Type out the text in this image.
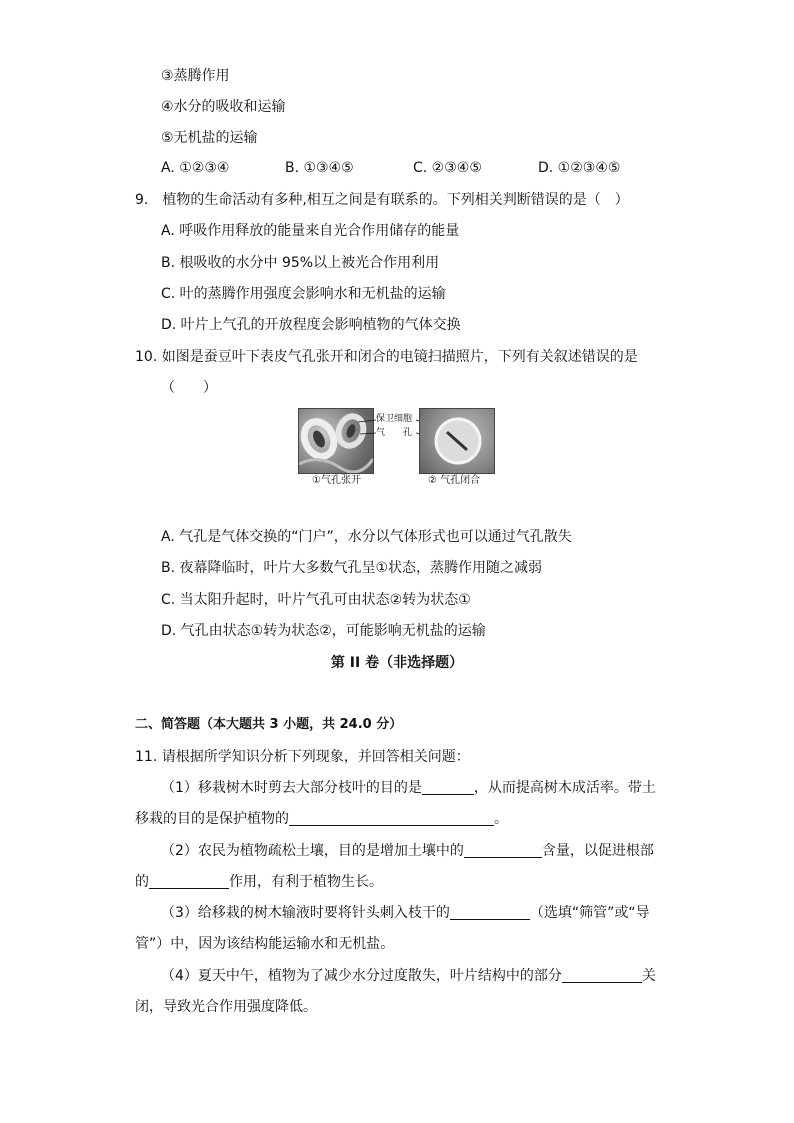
③蒸腾作用
④水分的吸收和运输
⑤无机盐的运输
A. ①②③④	B. ①③④⑤	C. ②③④⑤	D. ①②③④⑤
9.　植物的生命活动有多种,相互之间是有联系的。下列相关判断错误的是（　）
A. 呼吸作用释放的能量来自光合作用储存的能量
B. 根吸收的水分中 95%以上被光合作用利用
C. 叶的蒸腾作用强度会影响水和无机盐的运输
D. 叶片上气孔的开放程度会影响植物的气体交换
10. 如图是蚕豆叶下表皮气孔张开和闭合的电镜扫描照片，下列有关叙述错误的是
（　　）
保卫细胞
气　　孔
①气孔张开	② 气孔闭合
A. 气孔是气体交换的“门户”，水分以气体形式也可以通过气孔散失
B. 夜幕降临时，叶片大多数气孔呈①状态，蒸腾作用随之减弱
C. 当太阳升起时，叶片气孔可由状态②转为状态①
D. 气孔由状态①转为状态②，可能影响无机盐的运输
第 II 卷（非选择题）
二、简答题（本大题共 3 小题，共 24.0 分）
11. 请根据所学知识分析下列现象，并回答相关问题：
（1）移栽树木时剪去大部分枝叶的目的是	，从而提高树木成活率。带土
移栽的目的是保护植物的	。
（2）农民为植物疏松土壤，目的是增加土壤中的	含量，以促进根部
的	作用，有利于植物生长。
（3）给移栽的树木输液时要将针头刺入枝干的	（选填“筛管”或“导
管”）中，因为该结构能运输水和无机盐。
（4）夏天中午，植物为了减少水分过度散失，叶片结构中的部分	关
闭，导致光合作用强度降低。
